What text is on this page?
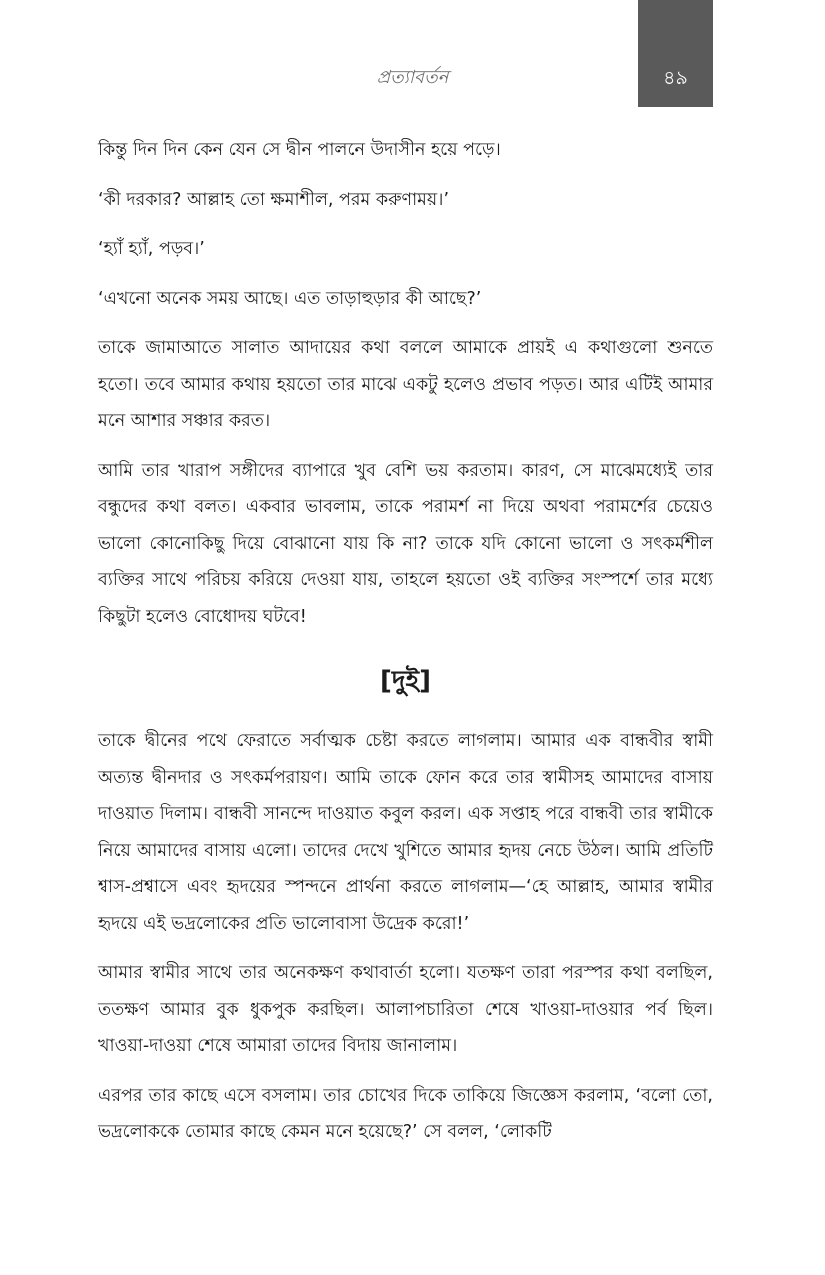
প্রত্যাবর্তন	৪৯

কিন্তু দিন দিন কেন যেন সে দ্বীন পালনে উদাসীন হয়ে পড়ে।

‘কী দরকার? আল্লাহ তো ক্ষমাশীল, পরম করুণাময়।’

‘হ্যাঁ হ্যাঁ, পড়ব।’

‘এখনো অনেক সময় আছে। এত তাড়াহুড়ার কী আছে?’

তাকে জামাআতে সালাত আদায়ের কথা বললে আমাকে প্রায়ই এ কথাগুলো শুনতে হতো। তবে আমার কথায় হয়তো তার মাঝে একটু হলেও প্রভাব পড়ত। আর এটিই আমার মনে আশার সঞ্চার করত।

আমি তার খারাপ সঙ্গীদের ব্যাপারে খুব বেশি ভয় করতাম। কারণ, সে মাঝেমধ্যেই তার বন্ধুদের কথা বলত। একবার ভাবলাম, তাকে পরামর্শ না দিয়ে অথবা পরামর্শের চেয়েও ভালো কোনোকিছু দিয়ে বোঝানো যায় কি না? তাকে যদি কোনো ভালো ও সৎকর্মশীল ব্যক্তির সাথে পরিচয় করিয়ে দেওয়া যায়, তাহলে হয়তো ওই ব্যক্তির সংস্পর্শে তার মধ্যে কিছুটা হলেও বোধোদয় ঘটবে!

[দুই]

তাকে দ্বীনের পথে ফেরাতে সর্বাত্মক চেষ্টা করতে লাগলাম। আমার এক বান্ধবীর স্বামী অত্যন্ত দ্বীনদার ও সৎকর্মপরায়ণ। আমি তাকে ফোন করে তার স্বামীসহ আমাদের বাসায় দাওয়াত দিলাম। বান্ধবী সানন্দে দাওয়াত কবুল করল। এক সপ্তাহ পরে বান্ধবী তার স্বামীকে নিয়ে আমাদের বাসায় এলো। তাদের দেখে খুশিতে আমার হৃদয় নেচে উঠল। আমি প্রতিটি শ্বাস-প্রশ্বাসে এবং হৃদয়ের স্পন্দনে প্রার্থনা করতে লাগলাম—‘হে আল্লাহ, আমার স্বামীর হৃদয়ে এই ভদ্রলোকের প্রতি ভালোবাসা উদ্রেক করো!’

আমার স্বামীর সাথে তার অনেকক্ষণ কথাবার্তা হলো। যতক্ষণ তারা পরস্পর কথা বলছিল, ততক্ষণ আমার বুক ধুকপুক করছিল। আলাপচারিতা শেষে খাওয়া-দাওয়ার পর্ব ছিল। খাওয়া-দাওয়া শেষে আমারা তাদের বিদায় জানালাম।

এরপর তার কাছে এসে বসলাম। তার চোখের দিকে তাকিয়ে জিজ্ঞেস করলাম, ‘বলো তো, ভদ্রলোককে তোমার কাছে কেমন মনে হয়েছে?’ সে বলল, ‘লোকটি
